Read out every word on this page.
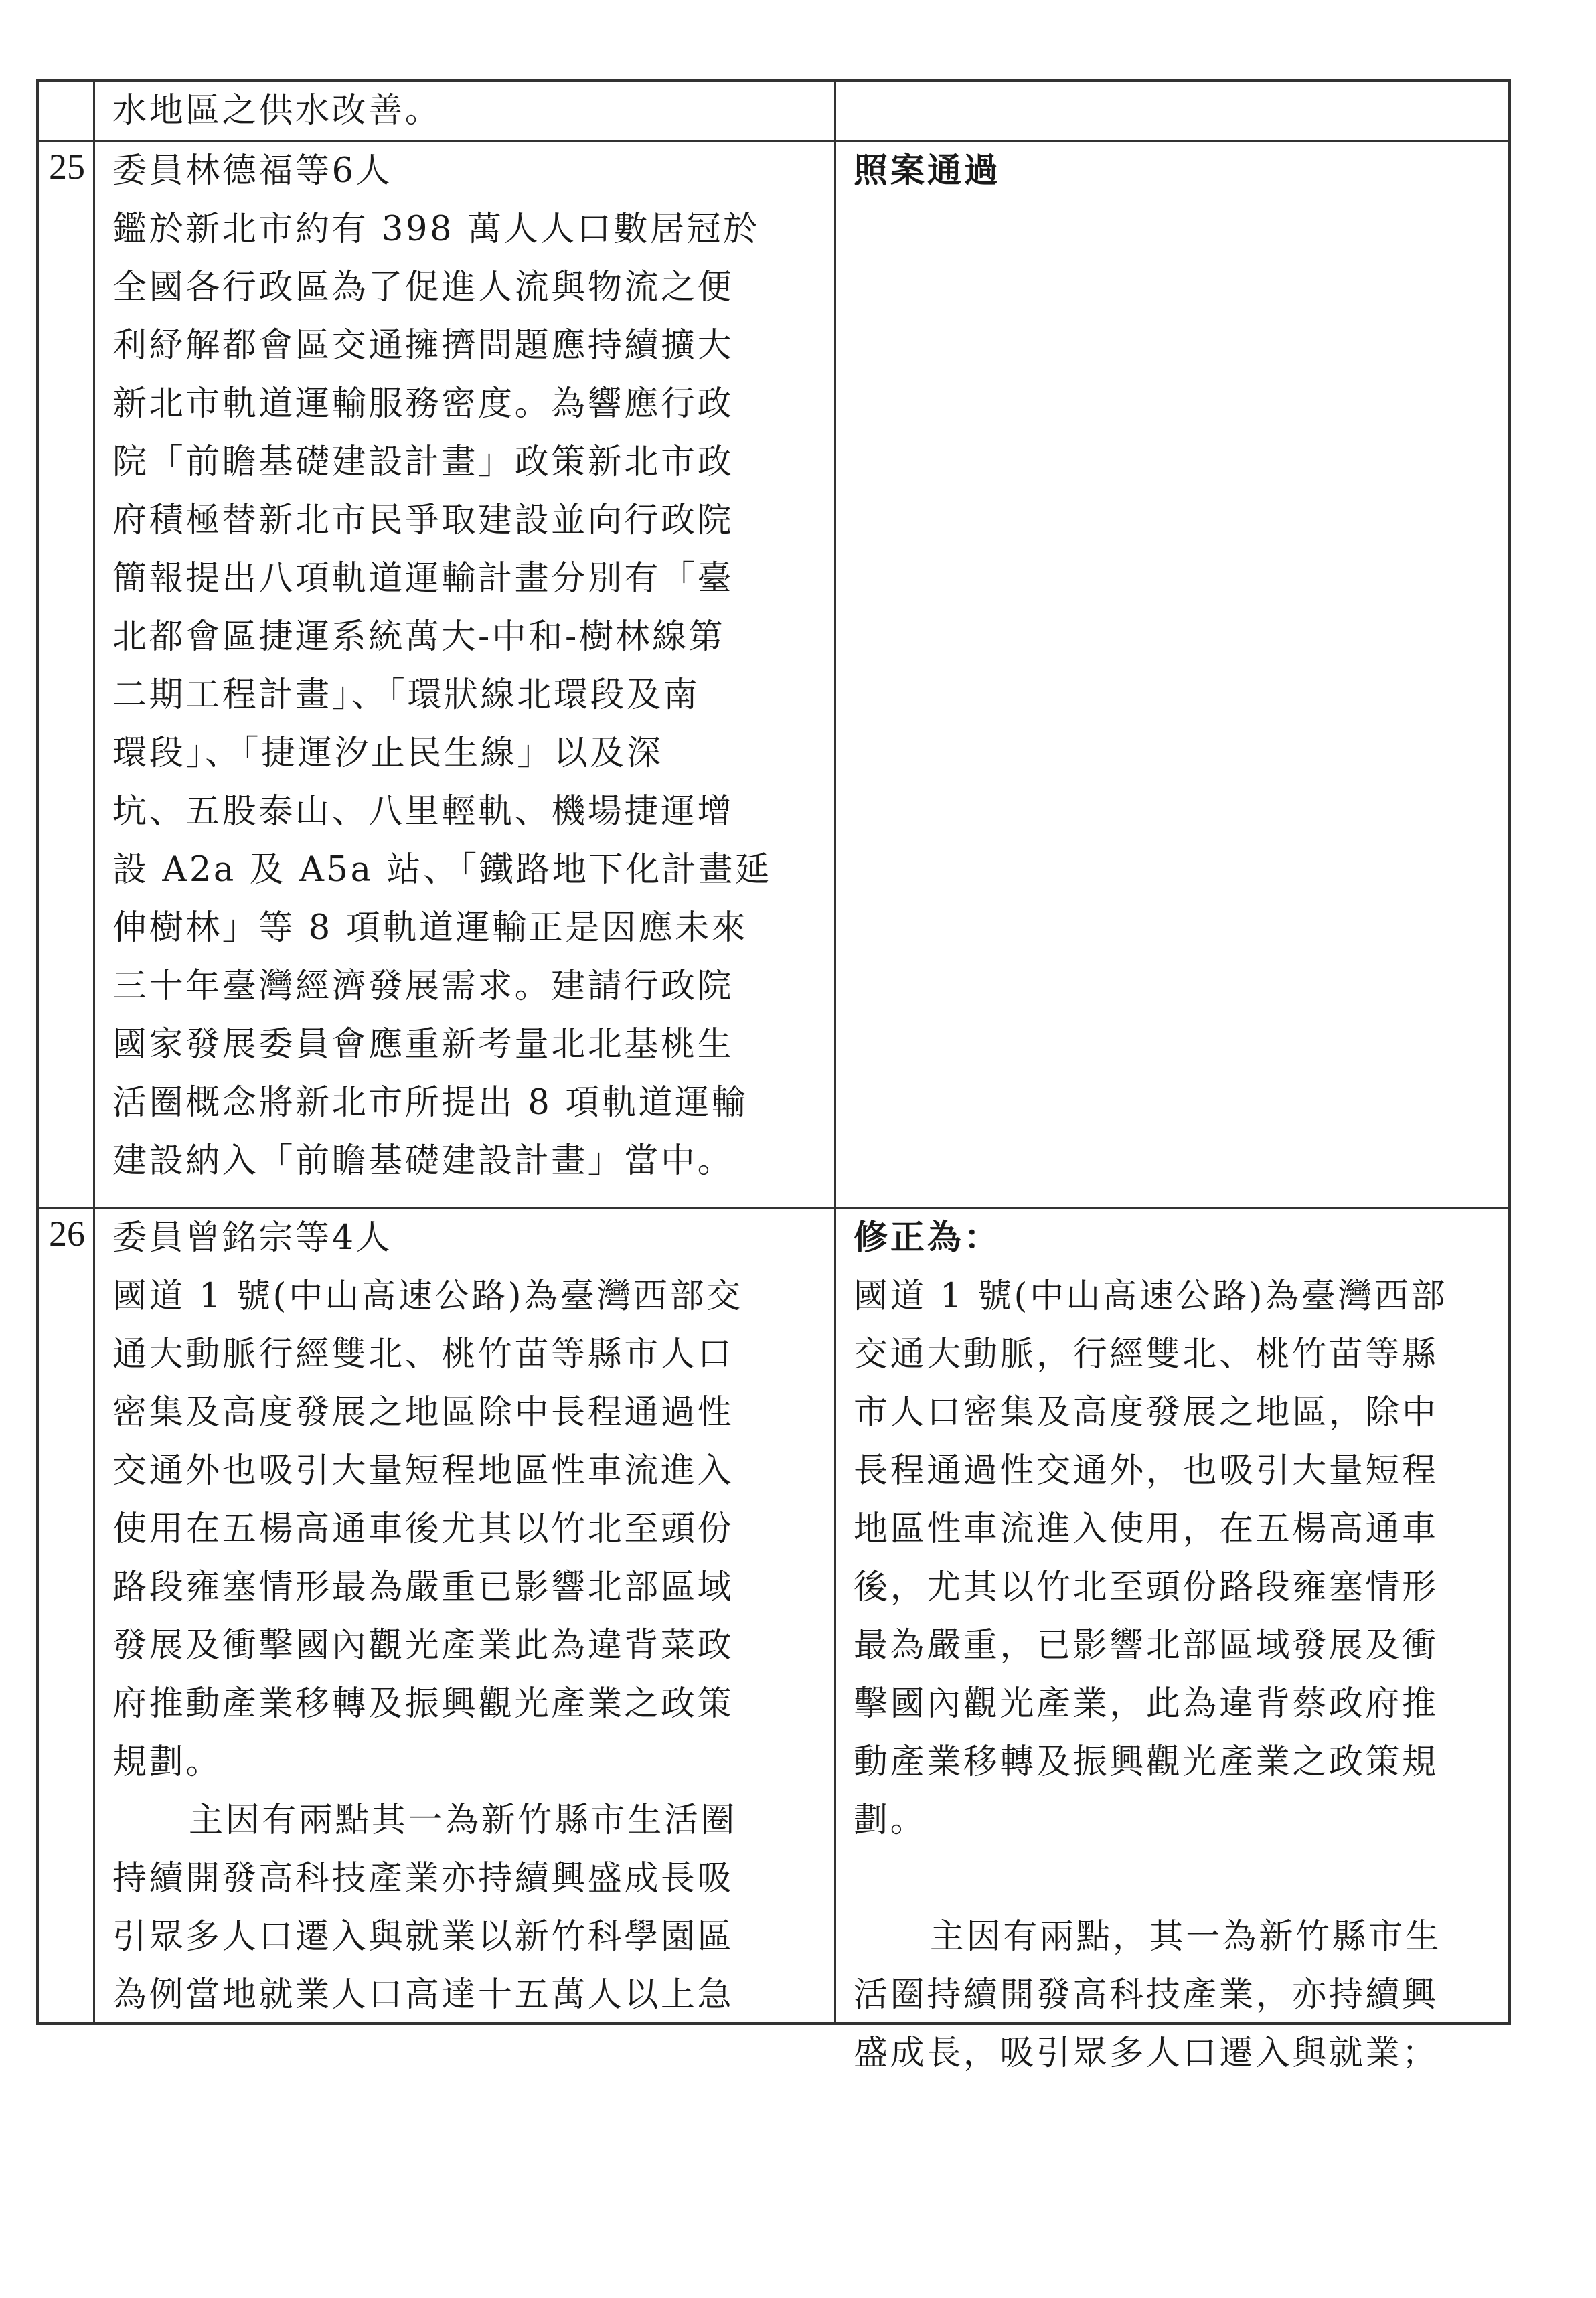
水地區之供水改善。
25 委員林德福等6人
鑑於新北市約有 398 萬人人口數居冠於
全國各行政區為了促進人流與物流之便
利紓解都會區交通擁擠問題應持續擴大
新北市軌道運輸服務密度。為響應行政
院「前瞻基礎建設計畫」政策新北市政
府積極替新北市民爭取建設並向行政院
簡報提出八項軌道運輸計畫分別有「臺
北都會區捷運系統萬大-中和-樹林線第
二期工程計畫」、「環狀線北環段及南
環段」、「捷運汐止民生線」以及深
坑、五股泰山、八里輕軌、機場捷運增
設 A2a 及 A5a 站、「鐵路地下化計畫延
伸樹林」等 8 項軌道運輸正是因應未來
三十年臺灣經濟發展需求。建請行政院
國家發展委員會應重新考量北北基桃生
活圈概念將新北市所提出 8 項軌道運輸
建設納入「前瞻基礎建設計畫」當中。
照案通過
26 委員曾銘宗等4人
國道 1 號(中山高速公路)為臺灣西部交
通大動脈行經雙北、桃竹苗等縣市人口
密集及高度發展之地區除中長程通過性
交通外也吸引大量短程地區性車流進入
使用在五楊高通車後尤其以竹北至頭份
路段雍塞情形最為嚴重已影響北部區域
發展及衝擊國內觀光產業此為違背菜政
府推動產業移轉及振興觀光產業之政策
規劃。
主因有兩點其一為新竹縣市生活圈
持續開發高科技產業亦持續興盛成長吸
引眾多人口遷入與就業以新竹科學園區
為例當地就業人口高達十五萬人以上急
修正為：
國道 1 號(中山高速公路)為臺灣西部
交通大動脈，行經雙北、桃竹苗等縣
市人口密集及高度發展之地區，除中
長程通過性交通外，也吸引大量短程
地區性車流進入使用，在五楊高通車
後，尤其以竹北至頭份路段雍塞情形
最為嚴重，已影響北部區域發展及衝
擊國內觀光產業，此為違背蔡政府推
動產業移轉及振興觀光產業之政策規
劃。
主因有兩點，其一為新竹縣市生
活圈持續開發高科技產業，亦持續興
盛成長，吸引眾多人口遷入與就業；
